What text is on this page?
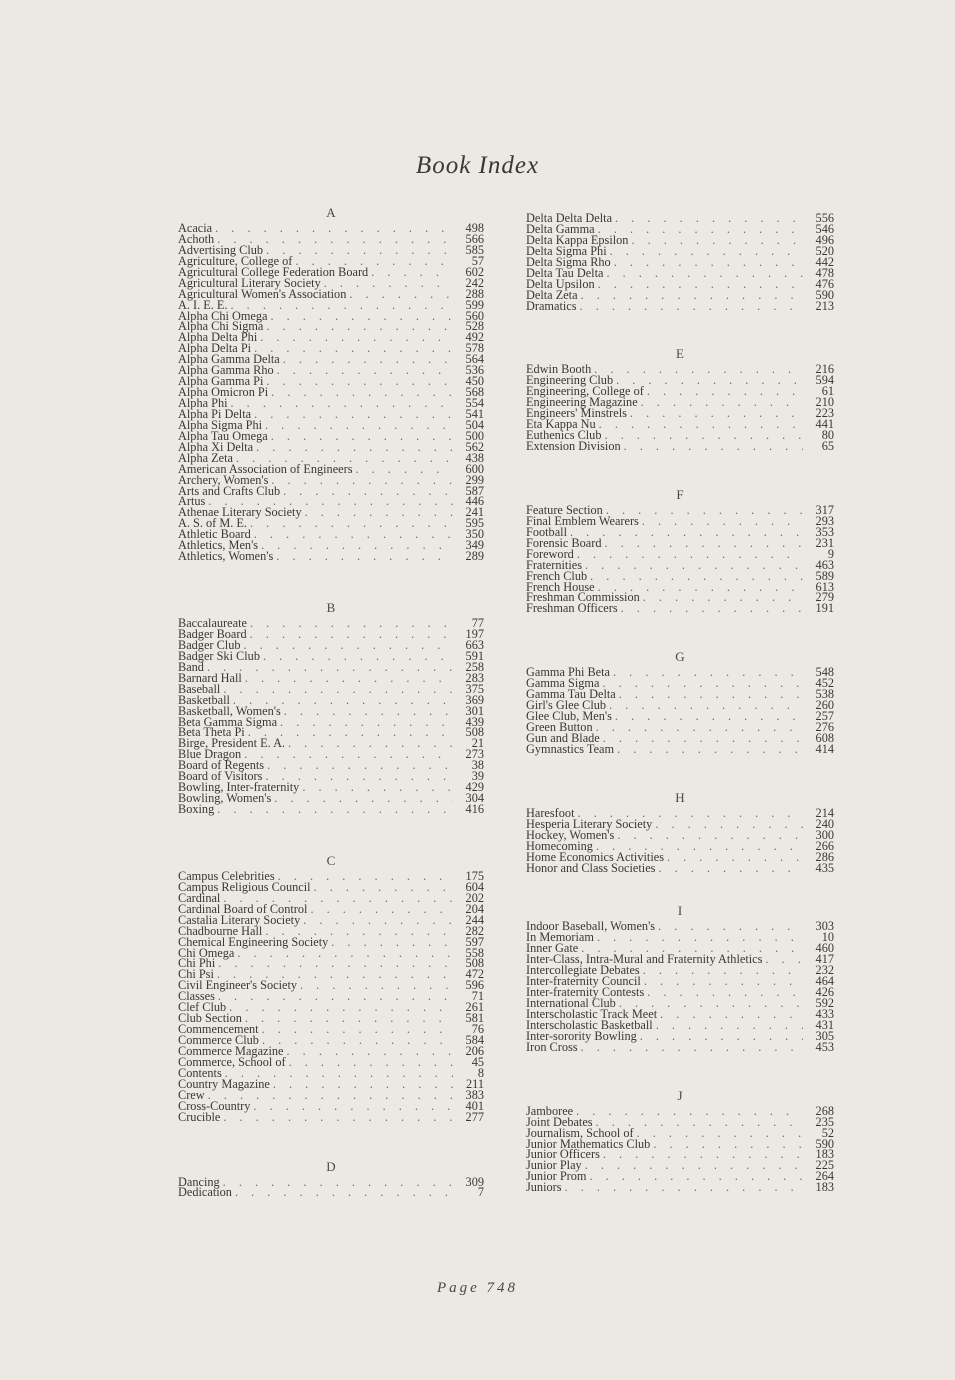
Book Index
A
Acacia . . .	498
Achoth . . .	566
Advertising Club . . .	585
Agriculture, College of . . .	57
Agricultural College Federation Board . . .	602
Agricultural Literary Society . . .	242
Agricultural Women's Association . . .	288
A. I. E. E. . . .	599
Alpha Chi Omega . . .	560
Alpha Chi Sigma . . .	528
Alpha Delta Phi . . .	492
Alpha Delta Pi . . .	578
Alpha Gamma Delta . . .	564
Alpha Gamma Rho . . .	536
Alpha Gamma Pi . . .	450
Alpha Omicron Pi . . .	568
Alpha Phi . . .	554
Alpha Pi Delta . . .	541
Alpha Sigma Phi . . .	504
Alpha Tau Omega . . .	500
Alpha Xi Delta . . .	562
Alpha Zeta . . .	438
American Association of Engineers . . .	600
Archery, Women's . . .	299
Arts and Crafts Club . . .	587
Artus . . .	446
Athenae Literary Society . . .	241
A. S. of M. E. . . .	595
Athletic Board . . .	350
Athletics, Men's . . .	349
Athletics, Women's . . .	289
B
Baccalaureate . . .	77
Badger Board . . .	197
Badger Club . . .	663
Badger Ski Club . . .	591
Band . . .	258
Barnard Hall . . .	283
Baseball . . .	375
Basketball . . .	369
Basketball, Women's . . .	301
Beta Gamma Sigma . . .	439
Beta Theta Pi . . .	508
Birge, President E. A. . . .	21
Blue Dragon . . .	273
Board of Regents . . .	38
Board of Visitors . . .	39
Bowling, Inter-fraternity . . .	429
Bowling, Women's . . .	304
Boxing . . .	416
C
Campus Celebrities . . .	175
Campus Religious Council . . .	604
Cardinal . . .	202
Cardinal Board of Control . . .	204
Castalia Literary Society . . .	244
Chadbourne Hall . . .	282
Chemical Engineering Society . . .	597
Chi Omega . . .	558
Chi Phi . . .	508
Chi Psi . . .	472
Civil Engineer's Society . . .	596
Classes . . .	71
Clef Club . . .	261
Club Section . . .	581
Commencement . . .	76
Commerce Club . . .	584
Commerce Magazine . . .	206
Commerce, School of . . .	45
Contents . . .	8
Country Magazine . . .	211
Crew . . .	383
Cross-Country . . .	401
Crucible . . .	277
D
Dancing . . .	309
Dedication . . .	7
Delta Delta Delta . . .	556
Delta Gamma . . .	546
Delta Kappa Epsilon . . .	496
Delta Sigma Phi . . .	520
Delta Sigma Rho . . .	442
Delta Tau Delta . . .	478
Delta Upsilon . . .	476
Delta Zeta . . .	590
Dramatics . . .	213
E
Edwin Booth . . .	216
Engineering Club . . .	594
Engineering, College of . . .	61
Engineering Magazine . . .	210
Engineers' Minstrels . . .	223
Eta Kappa Nu . . .	441
Euthenics Club . . .	80
Extension Division . . .	65
F
Feature Section . . .	317
Final Emblem Wearers . . .	293
Football . . .	353
Forensic Board . . .	231
Foreword . . .	9
Fraternities . . .	463
French Club . . .	589
French House . . .	613
Freshman Commission . . .	279
Freshman Officers . . .	191
G
Gamma Phi Beta . . .	548
Gamma Sigma . . .	452
Gamma Tau Delta . . .	538
Girl's Glee Club . . .	260
Glee Club, Men's . . .	257
Green Button . . .	276
Gun and Blade . . .	608
Gymnastics Team . . .	414
H
Haresfoot . . .	214
Hesperia Literary Society . . .	240
Hockey, Women's . . .	300
Homecoming . . .	266
Home Economics Activities . . .	286
Honor and Class Societies . . .	435
I
Indoor Baseball, Women's . . .	303
In Memoriam . . .	10
Inner Gate . . .	460
Inter-Class, Intra-Mural and Fraternity Athletics . . .	417
Intercollegiate Debates . . .	232
Inter-fraternity Council . . .	464
Inter-fraternity Contests . . .	426
International Club . . .	592
Interscholastic Track Meet . . .	433
Interscholastic Basketball . . .	431
Inter-sorority Bowling . . .	305
Iron Cross . . .	453
J
Jamboree . . .	268
Joint Debates . . .	235
Journalism, School of . . .	52
Junior Mathematics Club . . .	590
Junior Officers . . .	183
Junior Play . . .	225
Junior Prom . . .	264
Juniors . . .	183
Page 748
